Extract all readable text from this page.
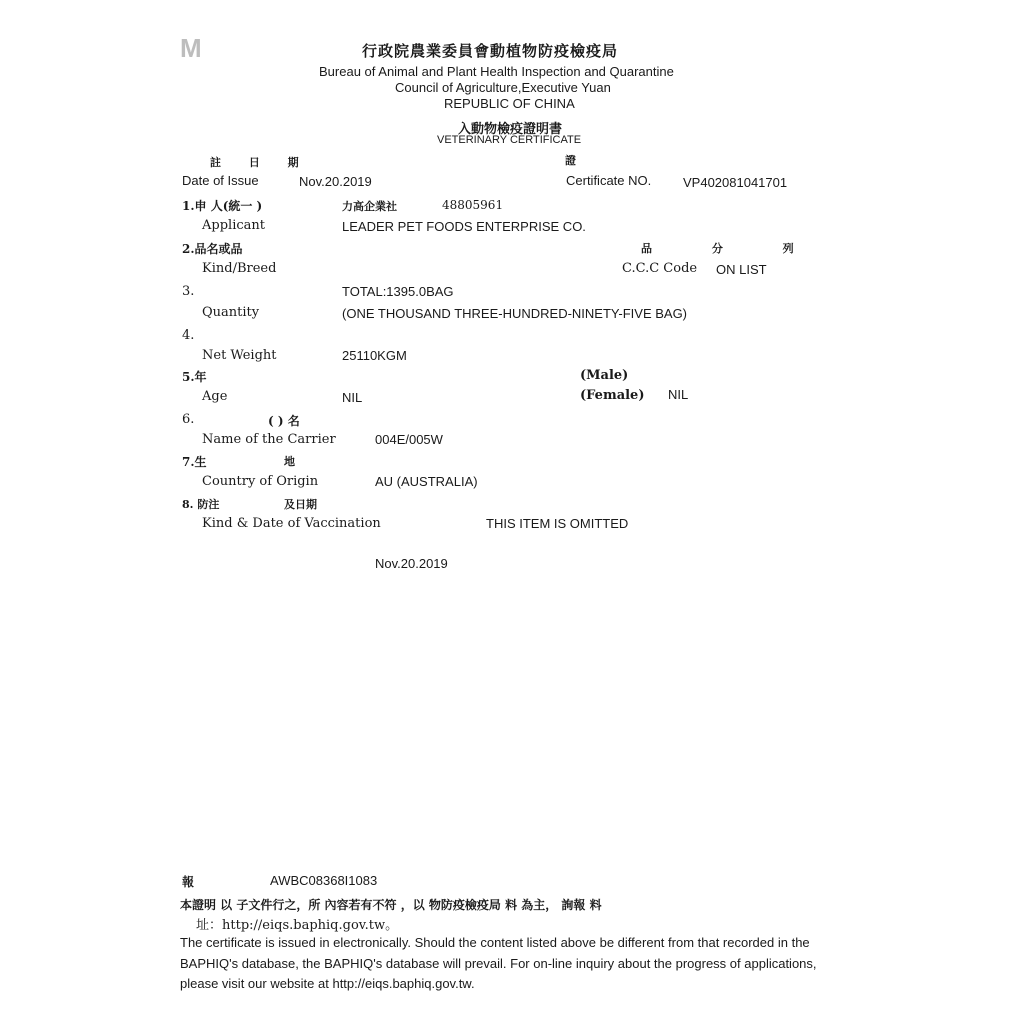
M	行政院農業委員會動植物防疫檢疫局
Bureau of Animal and Plant Health Inspection and Quarantine
Council of Agriculture,Executive Yuan
REPUBLIC OF CHINA
入動物檢疫證明書
VETERINARY CERTIFICATE
註 日 期
Date of Issue	Nov.20.2019
證
Certificate NO. VP402081041701
1.申 人(統一 )	力高企業社	48805961
Applicant	LEADER PET FOODS ENTERPRISE CO.
2.品名或品
Kind/Breed
品 分 列
C.C.C Code ON LIST
3.	TOTAL:1395.0BAG
Quantity	(ONE THOUSAND THREE-HUNDRED-NINETY-FIVE BAG)
4.
Net Weight	25110KGM
5.年
Age	NIL
(Male)
(Female) NIL
6.	( ) 名
Name of the Carrier	004E/005W
7.生	地
Country of Origin	AU (AUSTRALIA)
8. 防注	及日期
Kind & Date of Vaccination	THIS ITEM IS OMITTED
Nov.20.2019
報	AWBC08368I1083
本證明 以 子文件行之，所 內容若有不符 ，以 物防疫檢疫局 料 為主， 詢報 料
址：http://eiqs.baphiq.gov.tw。
The certificate is issued in electronically. Should the content listed above be different from that recorded in the BAPHIQ's database, the BAPHIQ's database will prevail. For on-line inquiry about the progress of applications, please visit our website at http://eiqs.baphiq.gov.tw.
